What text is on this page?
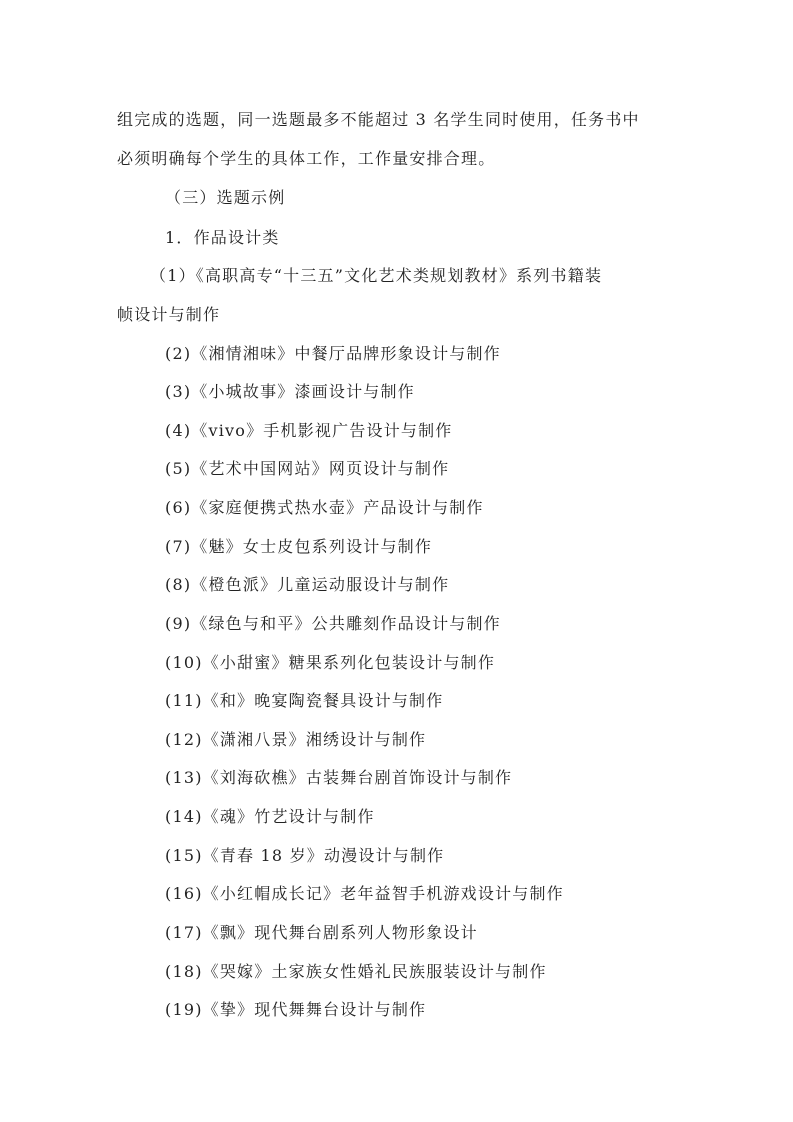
组完成的选题，同一选题最多不能超过 3 名学生同时使用，任务书中
必须明确每个学生的具体工作，工作量安排合理。
（三）选题示例
1．作品设计类
（1）《高职高专“十三五”文化艺术类规划教材》系列书籍装
帧设计与制作
(2)《湘情湘味》中餐厅品牌形象设计与制作
(3)《小城故事》漆画设计与制作
(4)《vivo》手机影视广告设计与制作
(5)《艺术中国网站》网页设计与制作
(6)《家庭便携式热水壶》产品设计与制作
(7)《魅》女士皮包系列设计与制作
(8)《橙色派》儿童运动服设计与制作
(9)《绿色与和平》公共雕刻作品设计与制作
(10)《小甜蜜》糖果系列化包装设计与制作
(11)《和》晚宴陶瓷餐具设计与制作
(12)《潇湘八景》湘绣设计与制作
(13)《刘海砍樵》古装舞台剧首饰设计与制作
(14)《魂》竹艺设计与制作
(15)《青春 18 岁》动漫设计与制作
(16)《小红帽成长记》老年益智手机游戏设计与制作
(17)《飘》现代舞台剧系列人物形象设计
(18)《哭嫁》土家族女性婚礼民族服装设计与制作
(19)《挚》现代舞舞台设计与制作
